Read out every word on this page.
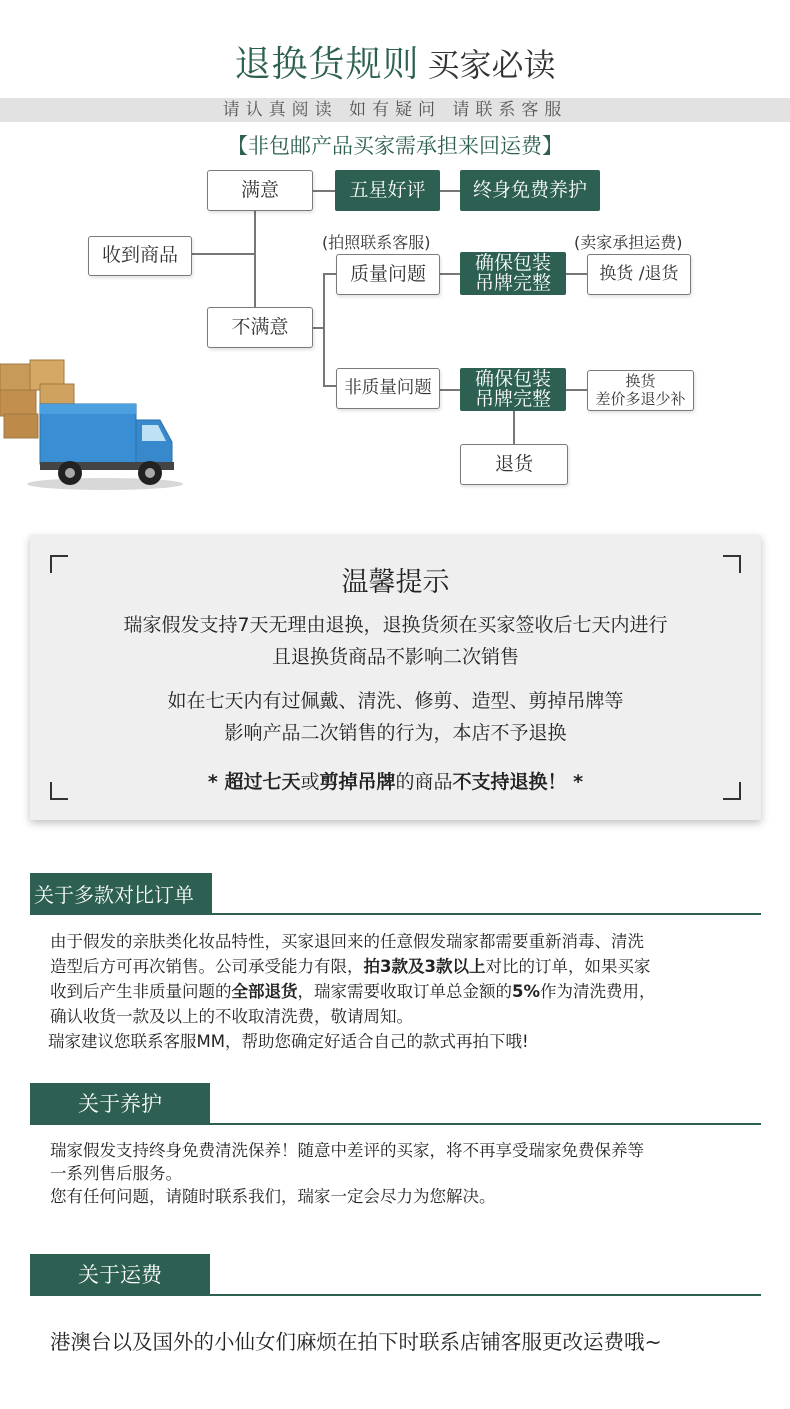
退换货规则 买家必读
请认真阅读 如有疑问 请联系客服
【非包邮产品买家需承担来回运费】
收到商品
满意	五星好评	终身免费养护
不满意
(拍照联系客服)
质量问题
确保包装
吊牌完整
(卖家承担运费)
换货 /退货
非质量问题	确保包装
吊牌完整
换货
差价多退少补
退货
温馨提示
瑞家假发支持7天无理由退换，退换货须在买家签收后七天内进行
且退换货商品不影响二次销售
如在七天内有过佩戴、清洗、修剪、造型、剪掉吊牌等
影响产品二次销售的行为，本店不予退换
* 超过七天或剪掉吊牌的商品不支持退换！ *
关于多款对比订单
由于假发的亲肤类化妆品特性，买家退回来的任意假发瑞家都需要重新消毒、清洗
造型后方可再次销售。公司承受能力有限，拍3款及3款以上对比的订单，如果买家
收到后产生非质量问题的全部退货，瑞家需要收取订单总金额的5%作为清洗费用，
确认收货一款及以上的不收取清洗费，敬请周知。
瑞家建议您联系客服MM，帮助您确定好适合自己的款式再拍下哦!
关于养护
瑞家假发支持终身免费清洗保养！随意中差评的买家，将不再享受瑞家免费保养等
一系列售后服务。
您有任何问题，请随时联系我们，瑞家一定会尽力为您解决。
关于运费
港澳台以及国外的小仙女们麻烦在拍下时联系店铺客服更改运费哦~
